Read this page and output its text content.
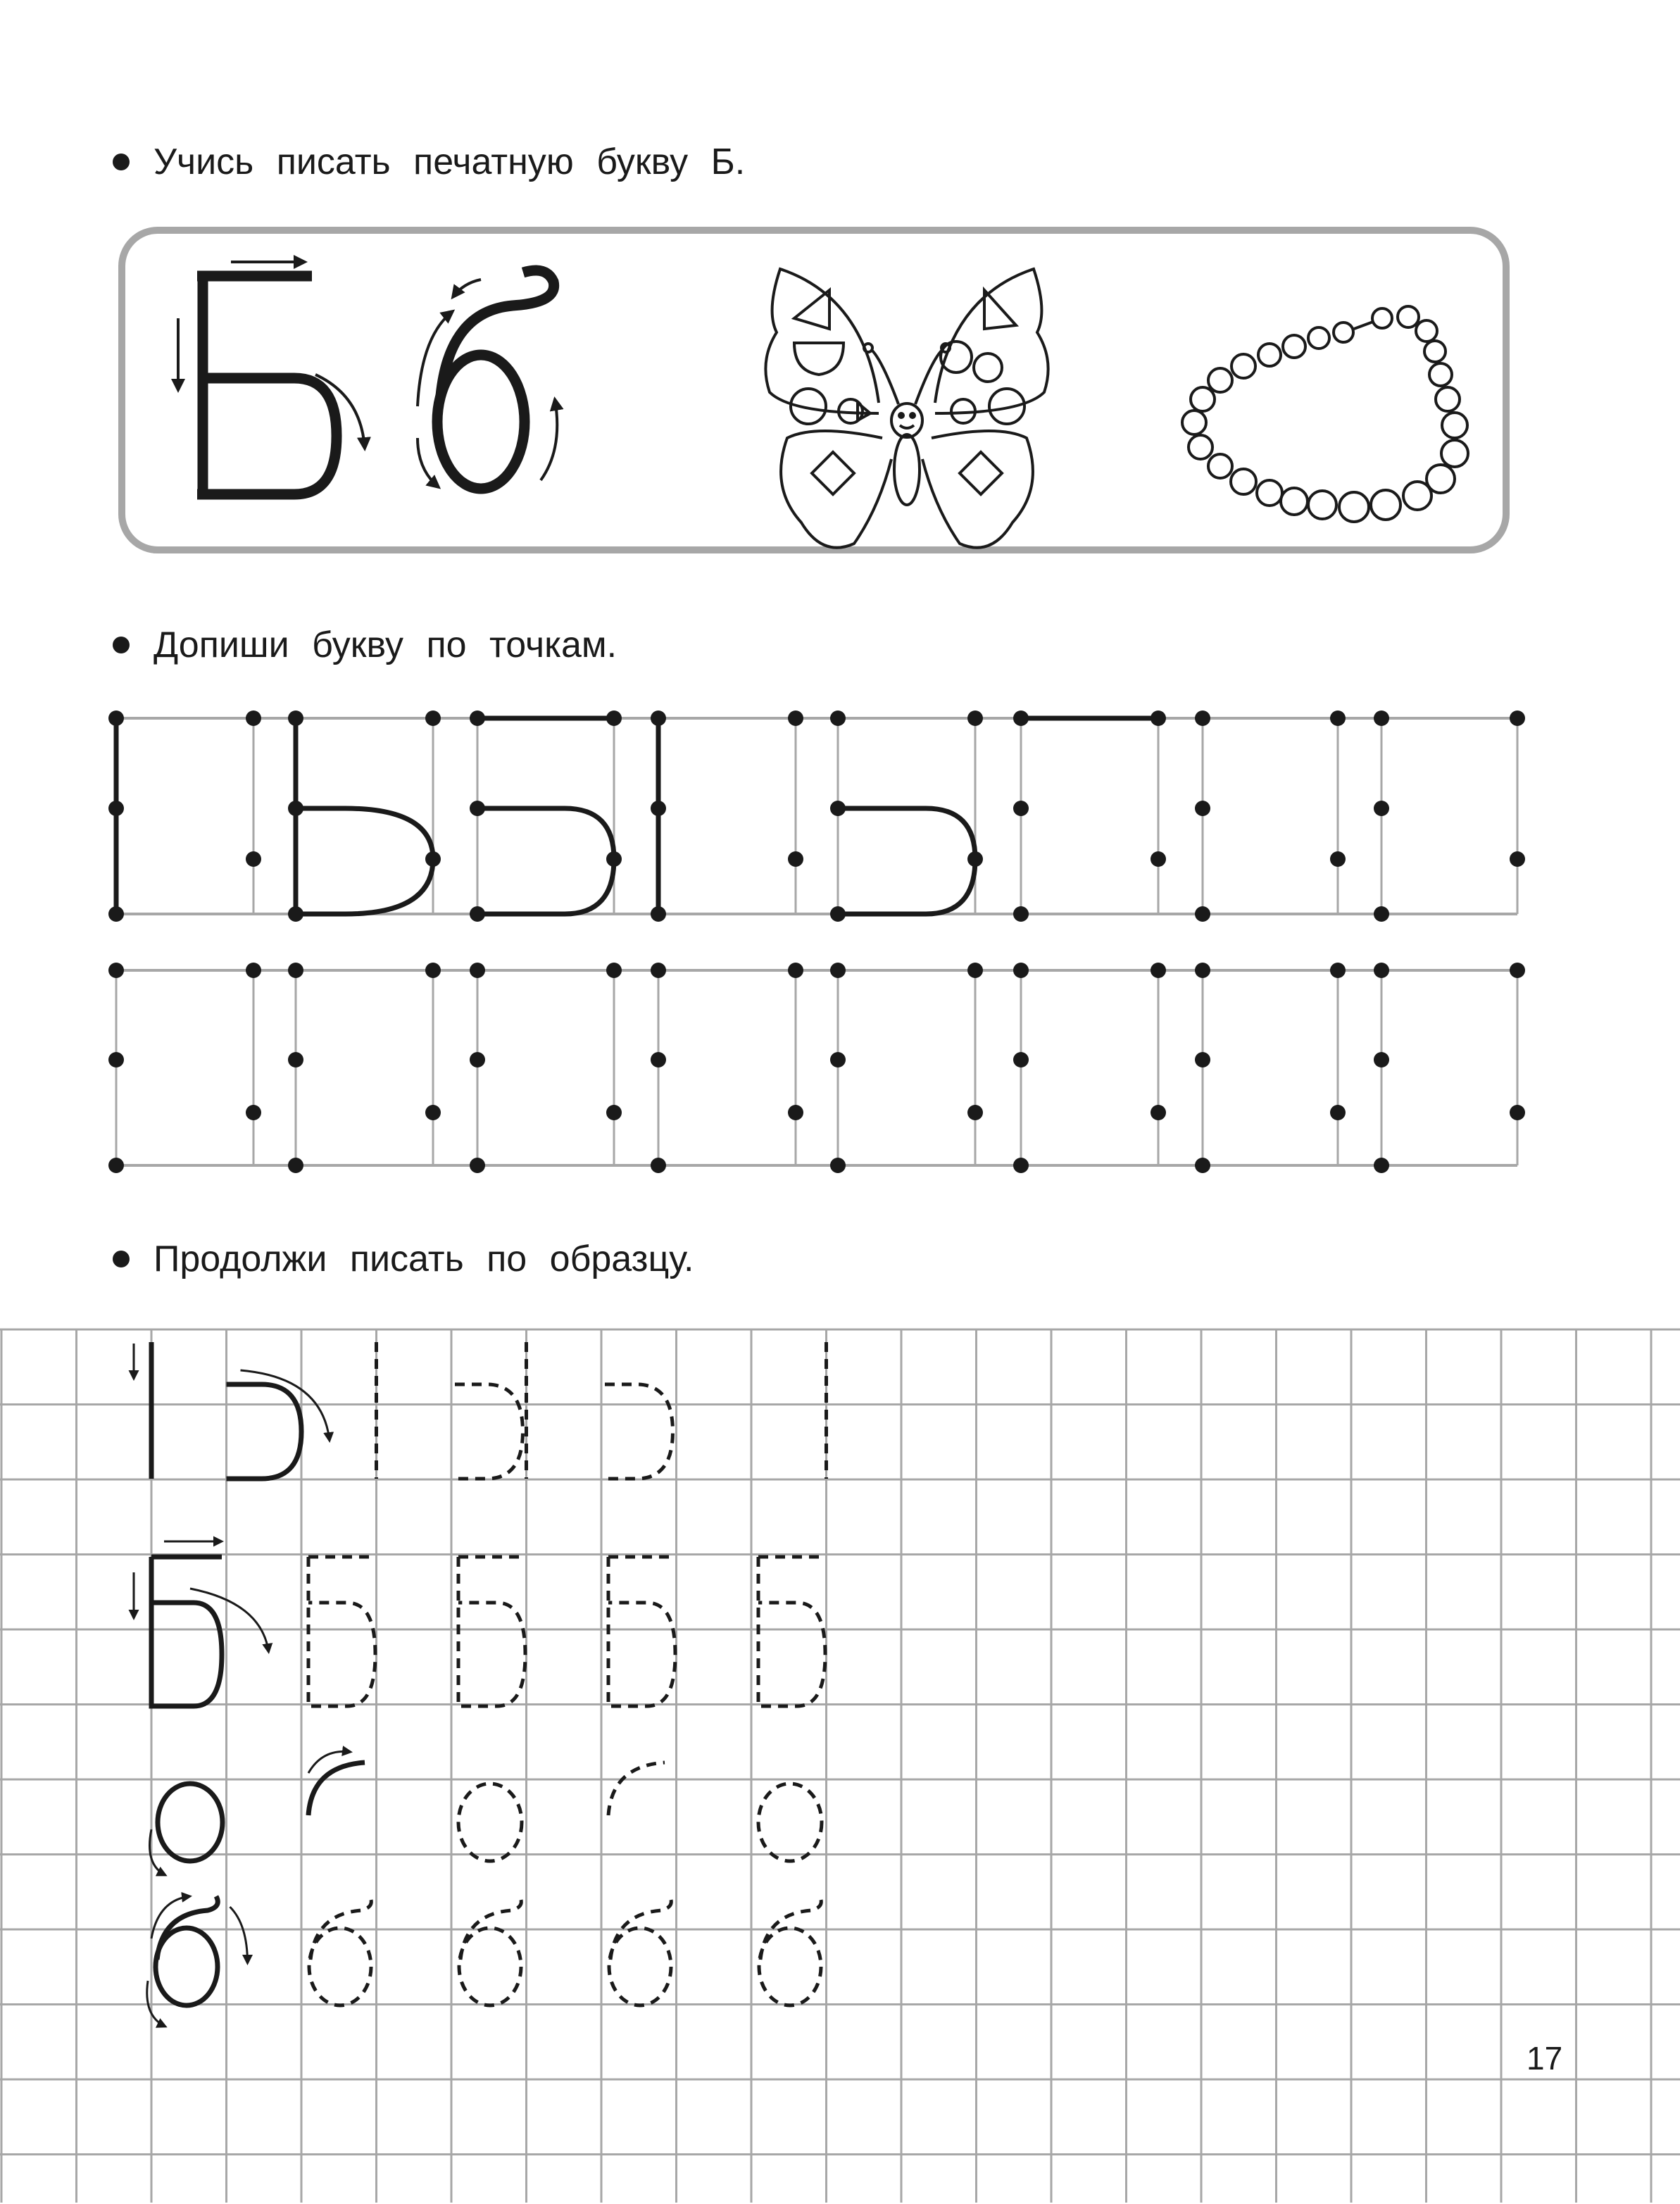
Учись писать печатную букву Б.
Допиши букву по точкам.
Продолжи писать по образцу.
17
